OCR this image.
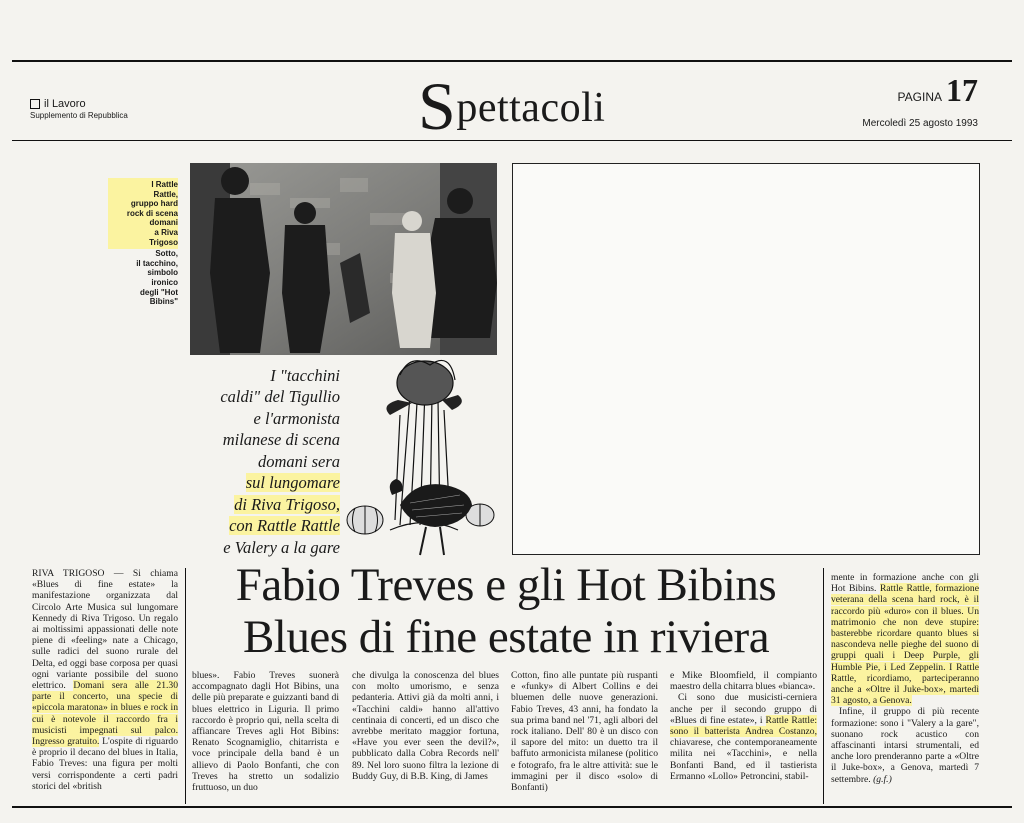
il Lavoro
Supplemento di Repubblica	Spettacoli	PAGINA 17
Mercoledì 25 agosto 1993
I Rattle
Rattle,
gruppo hard
rock di scena
domani
a Riva
Trigoso
Sotto,
il tacchino,
simbolo
ironico
degli "Hot
Bibins"
I "tacchini
caldi" del Tigullio
e l'armonista
milanese di scena
domani sera
sul lungomare
di Riva Trigoso,
con Rattle Rattle
e Valery a la gare
Fabio Treves e gli Hot Bibins
Blues di fine estate in riviera

RIVA TRIGOSO — Si chiama «Blues di fine estate» la manifestazione organizzata dal Circolo Arte Musica sul lungomare Kennedy di Riva Trigoso. Un regalo ai moltissimi appassionati delle note piene di «feeling» nate a Chicago, sulle radici del suono rurale del Delta, ed oggi base corposa per quasi ogni variante possibile del suono elettrico. Domani sera alle 21.30 parte il concerto, una specie di «piccola maratona» in blues e rock in cui è notevole il raccordo fra i musicisti impegnati sul palco. Ingresso gratuito. L'ospite di riguardo è proprio il decano del blues in Italia, Fabio Treves: una figura per molti versi corrispondente a certi padri storici del «british

blues». Fabio Treves suonerà accompagnato dagli Hot Bibins, una delle più preparate e guizzanti band di blues elettrico in Liguria. Il primo raccordo è proprio qui, nella scelta di affiancare Treves agli Hot Bibins: Renato Scognamiglio, chitarrista e voce principale della band è un allievo di Paolo Bonfanti, che con Treves ha stretto un sodalizio fruttuoso, un duo

che divulga la conoscenza del blues con molto umorismo, e senza pedanteria. Attivi già da molti anni, i «Tacchini caldi» hanno all'attivo centinaia di concerti, ed un disco che avrebbe meritato maggior fortuna, «Have you ever seen the devil?», pubblicato dalla Cobra Records nell' 89. Nel loro suono filtra la lezione di Buddy Guy, di B.B. King, di James

Cotton, fino alle puntate più ruspanti e «funky» di Albert Collins e dei bluemen delle nuove generazioni. Fabio Treves, 43 anni, ha fondato la sua prima band nel '71, agli albori del rock italiano. Dell' 80 è un disco con il sapore del mito: un duetto tra il baffuto armonicista milanese (politico e fotografo, fra le altre attività: sue le immagini per il disco «solo» di Bonfanti)

e Mike Bloomfield, il compianto maestro della chitarra blues «bianca».

Ci sono due musicisti-cerniera anche per il secondo gruppo di «Blues di fine estate», i Rattle Rattle: sono il batterista Andrea Costanzo, chiavarese, che contemporaneamente milita nei «Tacchini», e nella Bonfanti Band, ed il tastierista Ermanno «Lollo» Petroncini, stabil-

mente in formazione anche con gli Hot Bibins. Rattle Rattle, formazione veterana della scena hard rock, è il raccordo più «duro» con il blues. Un matrimonio che non deve stupire: basterebbe ricordare quanto blues si nascondeva nelle pieghe del suono di gruppi quali i Deep Purple, gli Humble Pie, i Led Zeppelin. I Rattle Rattle, ricordiamo, parteciperanno anche a «Oltre il Juke-box», martedì 31 agosto, a Genova.

Infine, il gruppo di più recente formazione: sono i "Valery a la gare", suonano rock acustico con affascinanti intarsi strumentali, ed anche loro prenderanno parte a «Oltre il Juke-box», a Genova, martedì 7 settembre. (g.f.)
